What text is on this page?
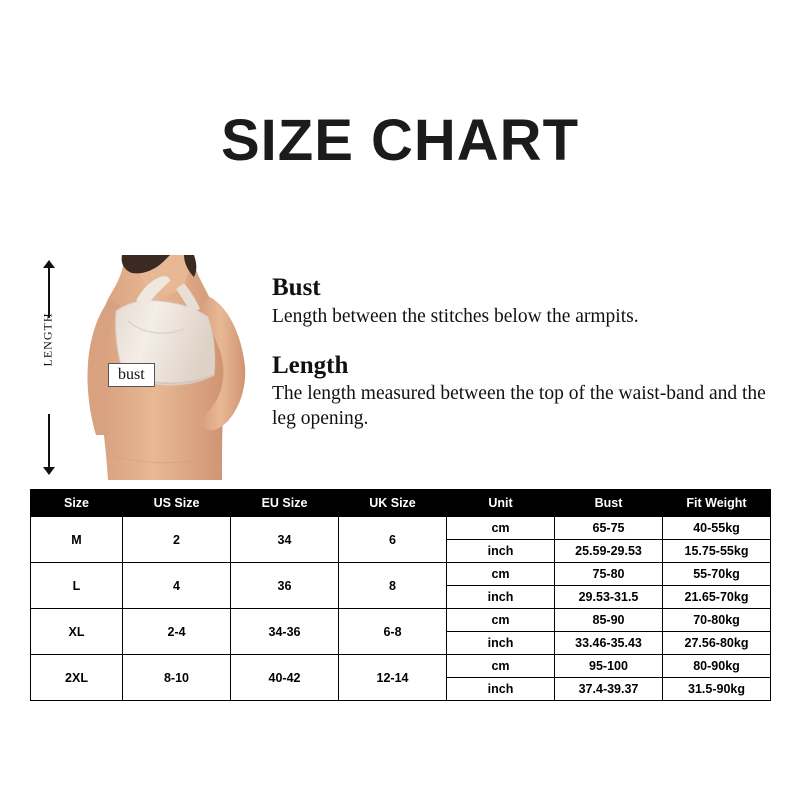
SIZE CHART
LENGTH
bust
Bust

Length between the stitches below the armpits.

Length

The length measured between the top of the waist-band and the leg opening.

Size	US Size	EU Size	UK Size	Unit	Bust	Fit Weight
M	2	34	6	cm	65-75	40-55kg
				inch	25.59-29.53	15.75-55kg
L	4	36	8	cm	75-80	55-70kg
				inch	29.53-31.5	21.65-70kg
XL	2-4	34-36	6-8	cm	85-90	70-80kg
				inch	33.46-35.43	27.56-80kg
2XL	8-10	40-42	12-14	cm	95-100	80-90kg
				inch	37.4-39.37	31.5-90kg
